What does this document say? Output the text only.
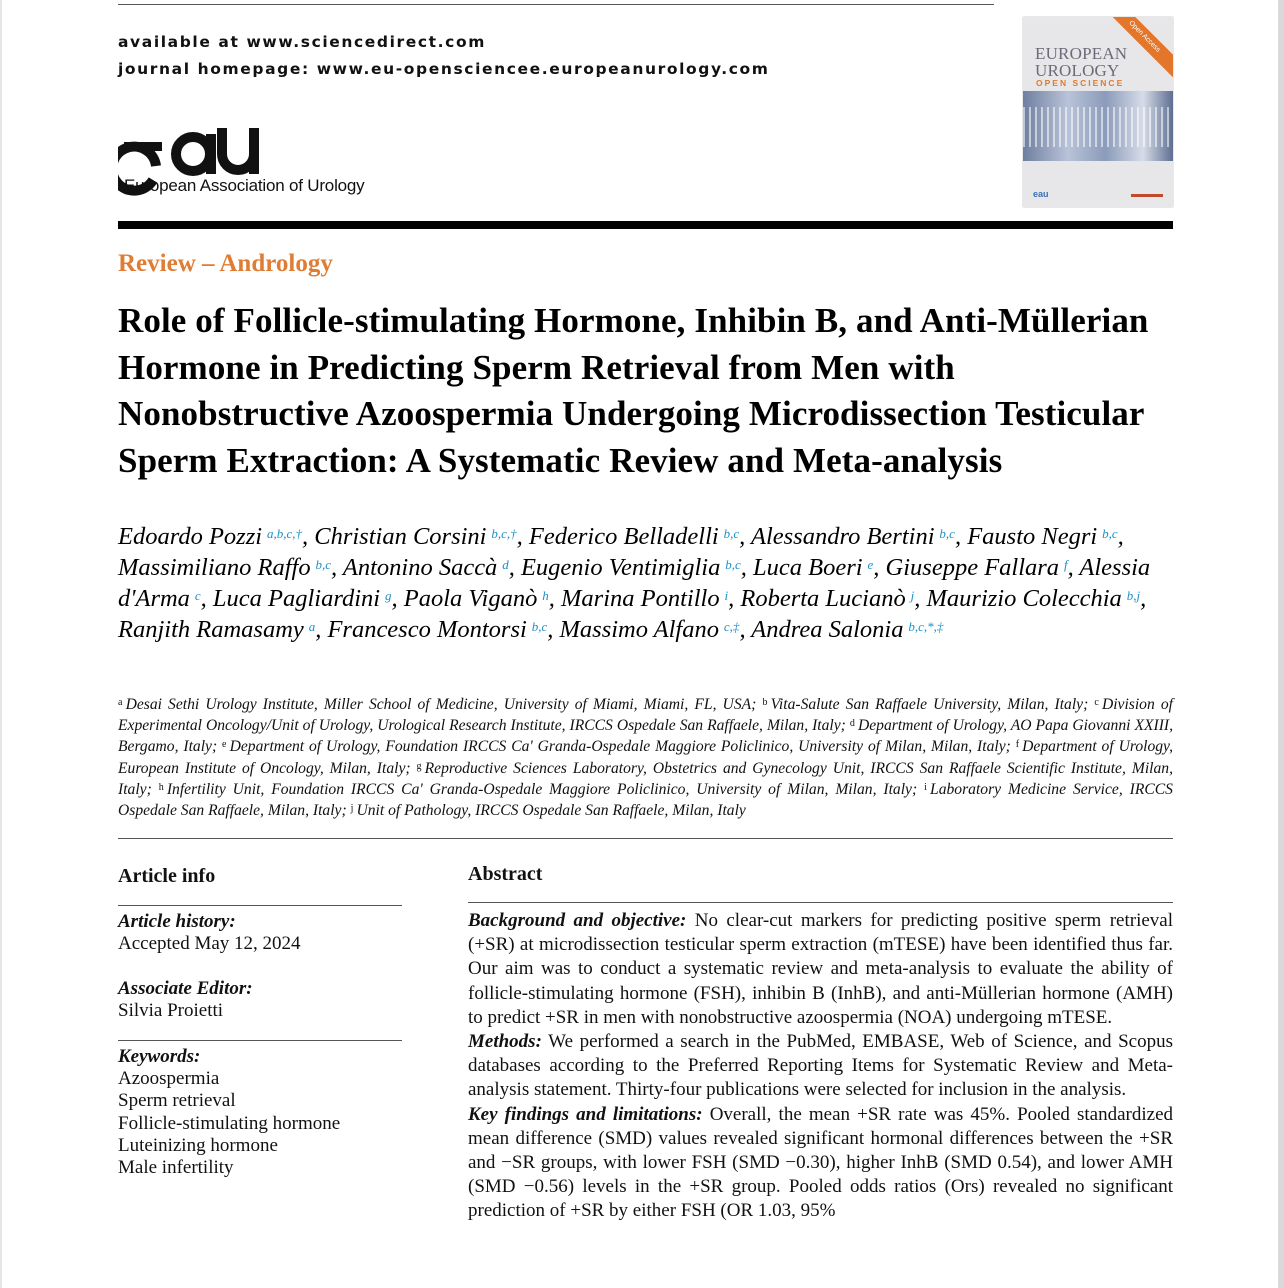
available at www.sciencedirect.com
journal homepage: www.eu-opensciencee.europeanurology.com
European Association of Urology
EUROPEAN
UROLOGY
OPEN SCIENCE
Open Access
eau
Review – Andrology
Role of Follicle-stimulating Hormone, Inhibin B, and Anti-Müllerian Hormone in Predicting Sperm Retrieval from Men with Nonobstructive Azoospermia Undergoing Microdissection Testicular Sperm Extraction: A Systematic Review and Meta-analysis
Edoardo Pozzi  $^{a,b,c,\dagger}$, Christian Corsini  $^{b,c,\dagger}$, Federico Belladelli  $^{b,c}$, Alessandro Bertini  $^{b,c}$, Fausto Negri  $^{b,c}$, Massimiliano Raffo  $^{b,c}$, Antonino Saccà  $^d$, Eugenio Ventimiglia  $^{b,c}$, Luca Boeri  $^e$, Giuseppe Fallara  $^f$, Alessia d'Arma  $^c$, Luca Pagliardini  $^g$, Paola Viganò  $^h$, Marina Pontillo  $^i$, Roberta Lucianò  $^j$, Maurizio Colecchia  $^{b,j}$, Ranjith Ramasamy  $^a$, Francesco Montorsi  $^{b,c}$, Massimo Alfano  $^{c,\ddagger}$, Andrea Salonia  $^{b,c,*,\ddagger}$
$^a$  Desai Sethi Urology Institute, Miller School of Medicine, University of Miami, Miami, FL, USA; $^b$  Vita-Salute San Raffaele University, Milan, Italy; $^c$  Division of Experimental Oncology/Unit of Urology, Urological Research Institute, IRCCS Ospedale San Raffaele, Milan, Italy; $^d$  Department of Urology, AO Papa Giovanni XXIII, Bergamo, Italy; $^e$  Department of Urology, Foundation IRCCS Ca' Granda-Ospedale Maggiore Policlinico, University of Milan, Milan, Italy; $^f$  Department of Urology, European Institute of Oncology, Milan, Italy; $^g$  Reproductive Sciences Laboratory, Obstetrics and Gynecology Unit, IRCCS San Raffaele Scientific Institute, Milan, Italy; $^h$  Infertility Unit, Foundation IRCCS Ca' Granda-Ospedale Maggiore Policlinico, University of Milan, Milan, Italy; $^i$  Laboratory Medicine Service, IRCCS Ospedale San Raffaele, Milan, Italy; $^j$  Unit of Pathology, IRCCS Ospedale San Raffaele, Milan, Italy
Article info
Article history:
Accepted May 12, 2024
Associate Editor:
Silvia Proietti
Keywords:
Azoospermia
Sperm retrieval
Follicle-stimulating hormone
Luteinizing hormone
Male infertility
Abstract
Background and objective: No clear-cut markers for predicting positive sperm retrieval (+SR) at microdissection testicular sperm extraction (mTESE) have been identified thus far. Our aim was to conduct a systematic review and meta-analysis to evaluate the ability of follicle-stimulating hormone (FSH), inhibin B (InhB), and anti-Müllerian hormone (AMH) to predict +SR in men with nonobstructive azoospermia (NOA) undergoing mTESE.
Methods: We performed a search in the PubMed, EMBASE, Web of Science, and Scopus databases according to the Preferred Reporting Items for Systematic Review and Meta-analysis statement. Thirty-four publications were selected for inclusion in the analysis.
Key findings and limitations: Overall, the mean +SR rate was 45%. Pooled standardized mean difference (SMD) values revealed significant hormonal differences between the +SR and −SR groups, with lower FSH (SMD −0.30), higher InhB (SMD 0.54), and lower AMH (SMD −0.56) levels in the +SR group. Pooled odds ratios (Ors) revealed no significant prediction of +SR by either FSH (OR 1.03, 95%
